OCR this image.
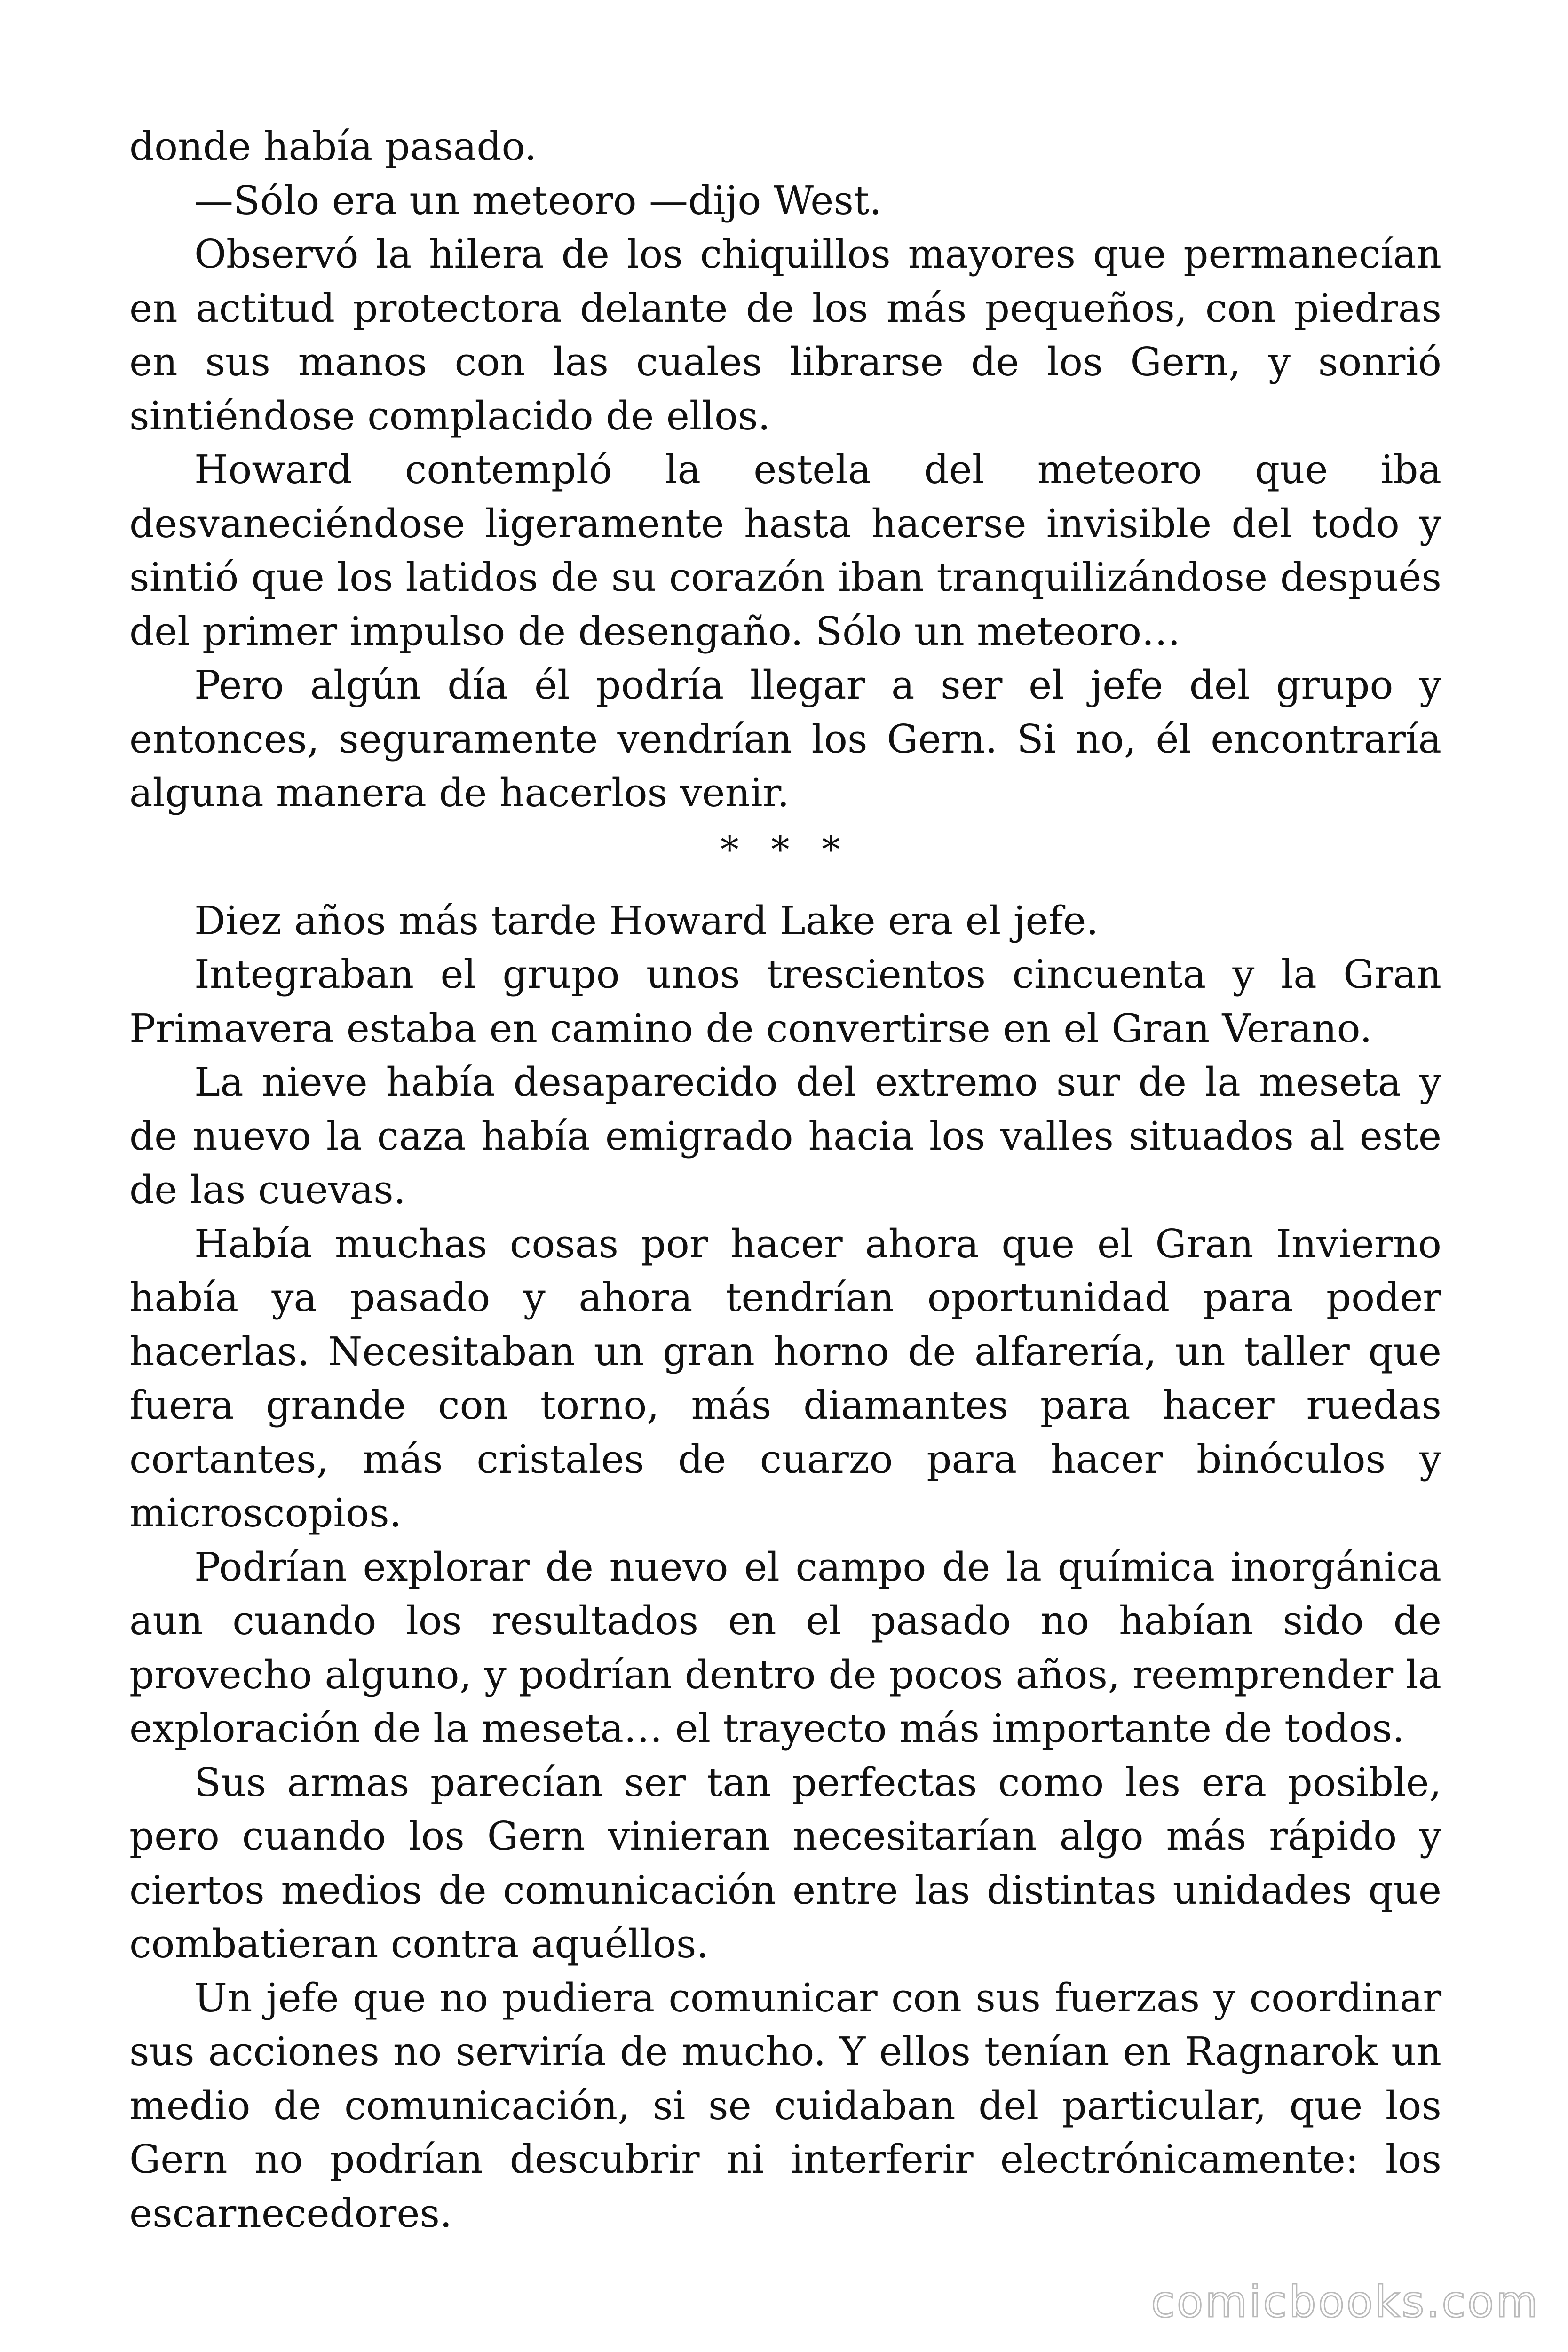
donde había pasado.

—Sólo era un meteoro —dijo West.

Observó la hilera de los chiquillos mayores que permanecían en actitud protectora delante de los más pequeños, con piedras en sus manos con las cuales librarse de los Gern, y sonrió sintiéndose complacido de ellos.

Howard contempló la estela del meteoro que iba desvaneciéndose ligeramente hasta hacerse invisible del todo y sintió que los latidos de su corazón iban tranquilizándose después del primer impulso de desengaño. Sólo un meteoro…

Pero algún día él podría llegar a ser el jefe del grupo y entonces, seguramente vendrían los Gern. Si no, él encontraría alguna manera de hacerlos venir.

* * *

Diez años más tarde Howard Lake era el jefe.

Integraban el grupo unos trescientos cincuenta y la Gran Primavera estaba en camino de convertirse en el Gran Verano.

La nieve había desaparecido del extremo sur de la meseta y de nuevo la caza había emigrado hacia los valles situados al este de las cuevas.

Había muchas cosas por hacer ahora que el Gran Invierno había ya pasado y ahora tendrían oportunidad para poder hacerlas. Necesitaban un gran horno de alfarería, un taller que fuera grande con torno, más diamantes para hacer ruedas cortantes, más cristales de cuarzo para hacer binóculos y microscopios.

Podrían explorar de nuevo el campo de la química inorgánica aun cuando los resultados en el pasado no habían sido de provecho alguno, y podrían dentro de pocos años, reemprender la exploración de la meseta… el trayecto más importante de todos.

Sus armas parecían ser tan perfectas como les era posible, pero cuando los Gern vinieran necesitarían algo más rápido y ciertos medios de comunicación entre las distintas unidades que combatieran contra aquéllos.

Un jefe que no pudiera comunicar con sus fuerzas y coordinar sus acciones no serviría de mucho. Y ellos tenían en Ragnarok un medio de comunicación, si se cuidaban del particular, que los Gern no podrían descubrir ni interferir electrónicamente: los escarnecedores.

comicbooks.com
